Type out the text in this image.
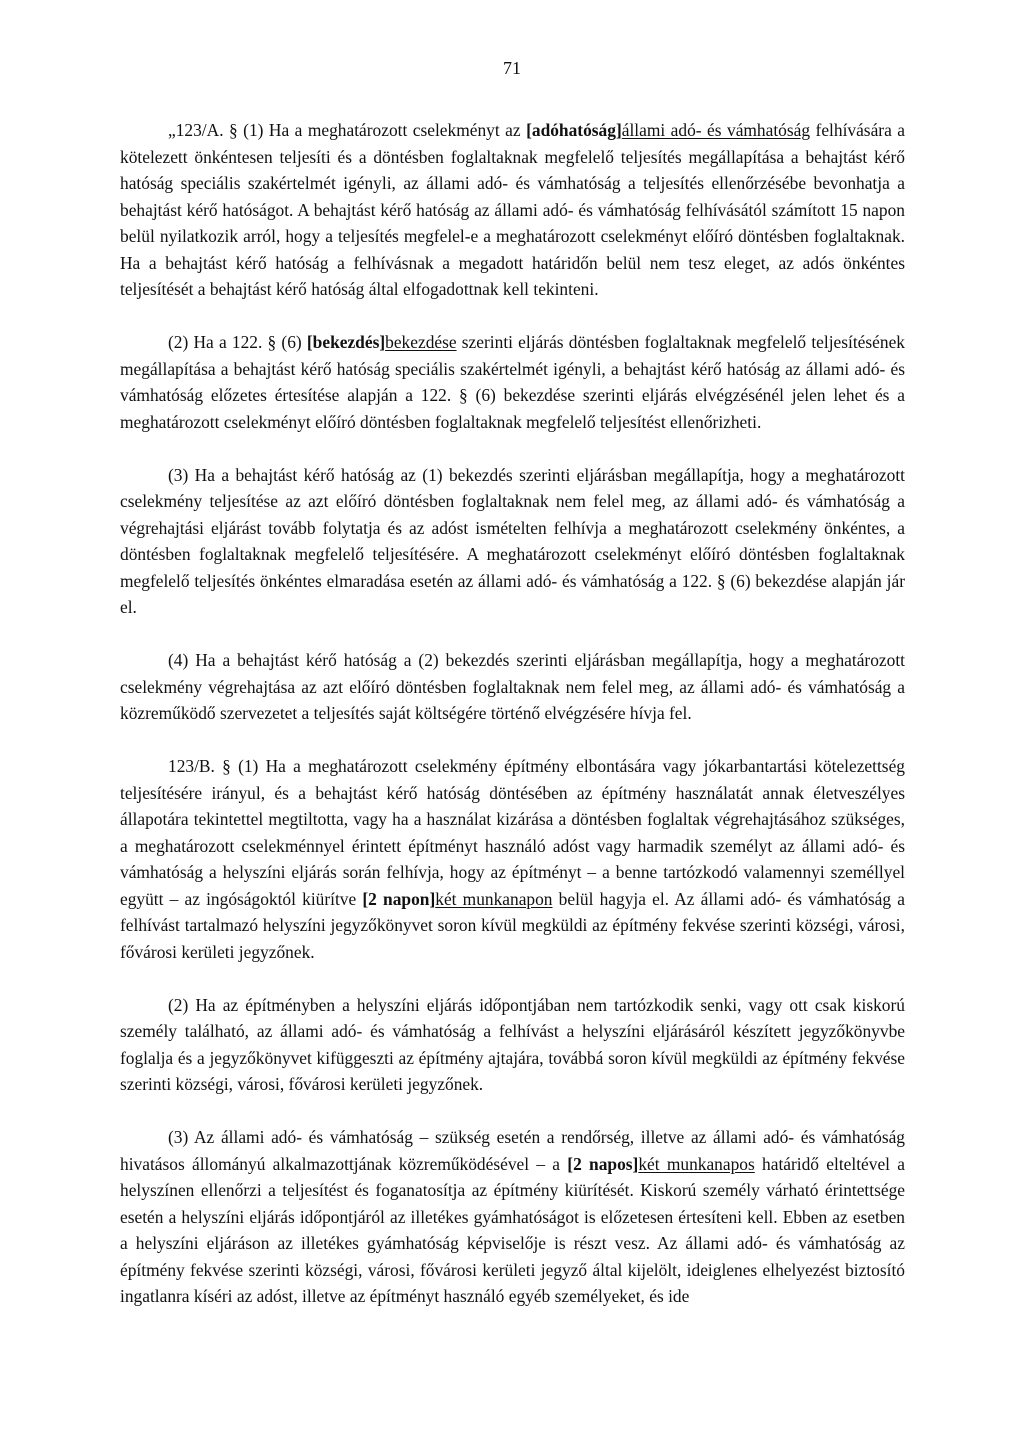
71

„123/A. § (1) Ha a meghatározott cselekményt az [adóhatóság]állami adó- és vámhatóság felhívására a kötelezett önkéntesen teljesíti és a döntésben foglaltaknak megfelelő teljesítés megállapítása a behajtást kérő hatóság speciális szakértelmét igényli, az állami adó- és vámhatóság a teljesítés ellenőrzésébe bevonhatja a behajtást kérő hatóságot. A behajtást kérő hatóság az állami adó- és vámhatóság felhívásától számított 15 napon belül nyilatkozik arról, hogy a teljesítés megfelel-e a meghatározott cselekményt előíró döntésben foglaltaknak. Ha a behajtást kérő hatóság a felhívásnak a megadott határidőn belül nem tesz eleget, az adós önkéntes teljesítését a behajtást kérő hatóság által elfogadottnak kell tekinteni.

(2) Ha a 122. § (6) [bekezdés]bekezdése szerinti eljárás döntésben foglaltaknak megfelelő teljesítésének megállapítása a behajtást kérő hatóság speciális szakértelmét igényli, a behajtást kérő hatóság az állami adó- és vámhatóság előzetes értesítése alapján a 122. § (6) bekezdése szerinti eljárás elvégzésénél jelen lehet és a meghatározott cselekményt előíró döntésben foglaltaknak megfelelő teljesítést ellenőrizheti.

(3) Ha a behajtást kérő hatóság az (1) bekezdés szerinti eljárásban megállapítja, hogy a meghatározott cselekmény teljesítése az azt előíró döntésben foglaltaknak nem felel meg, az állami adó- és vámhatóság a végrehajtási eljárást tovább folytatja és az adóst ismételten felhívja a meghatározott cselekmény önkéntes, a döntésben foglaltaknak megfelelő teljesítésére. A meghatározott cselekményt előíró döntésben foglaltaknak megfelelő teljesítés önkéntes elmaradása esetén az állami adó- és vámhatóság a 122. § (6) bekezdése alapján jár el.

(4) Ha a behajtást kérő hatóság a (2) bekezdés szerinti eljárásban megállapítja, hogy a meghatározott cselekmény végrehajtása az azt előíró döntésben foglaltaknak nem felel meg, az állami adó- és vámhatóság a közreműködő szervezetet a teljesítés saját költségére történő elvégzésére hívja fel.

123/B. § (1) Ha a meghatározott cselekmény építmény elbontására vagy jókarbantartási kötelezettség teljesítésére irányul, és a behajtást kérő hatóság döntésében az építmény használatát annak életveszélyes állapotára tekintettel megtiltotta, vagy ha a használat kizárása a döntésben foglaltak végrehajtásához szükséges, a meghatározott cselekménnyel érintett építményt használó adóst vagy harmadik személyt az állami adó- és vámhatóság a helyszíni eljárás során felhívja, hogy az építményt – a benne tartózkodó valamennyi személlyel együtt – az ingóságoktól kiürítve [2 napon]két munkanapon belül hagyja el. Az állami adó- és vámhatóság a felhívást tartalmazó helyszíni jegyzőkönyvet soron kívül megküldi az építmény fekvése szerinti községi, városi, fővárosi kerületi jegyzőnek.

(2) Ha az építményben a helyszíni eljárás időpontjában nem tartózkodik senki, vagy ott csak kiskorú személy található, az állami adó- és vámhatóság a felhívást a helyszíni eljárásáról készített jegyzőkönyvbe foglalja és a jegyzőkönyvet kifüggeszti az építmény ajtajára, továbbá soron kívül megküldi az építmény fekvése szerinti községi, városi, fővárosi kerületi jegyzőnek.

(3) Az állami adó- és vámhatóság – szükség esetén a rendőrség, illetve az állami adó- és vámhatóság hivatásos állományú alkalmazottjának közreműködésével – a [2 napos]két munkanapos határidő elteltével a helyszínen ellenőrzi a teljesítést és foganatosítja az építmény kiürítését. Kiskorú személy várható érintettsége esetén a helyszíni eljárás időpontjáról az illetékes gyámhatóságot is előzetesen értesíteni kell. Ebben az esetben a helyszíni eljáráson az illetékes gyámhatóság képviselője is részt vesz. Az állami adó- és vámhatóság az építmény fekvése szerinti községi, városi, fővárosi kerületi jegyző által kijelölt, ideiglenes elhelyezést biztosító ingatlanra kíséri az adóst, illetve az építményt használó egyéb személyeket, és ide
